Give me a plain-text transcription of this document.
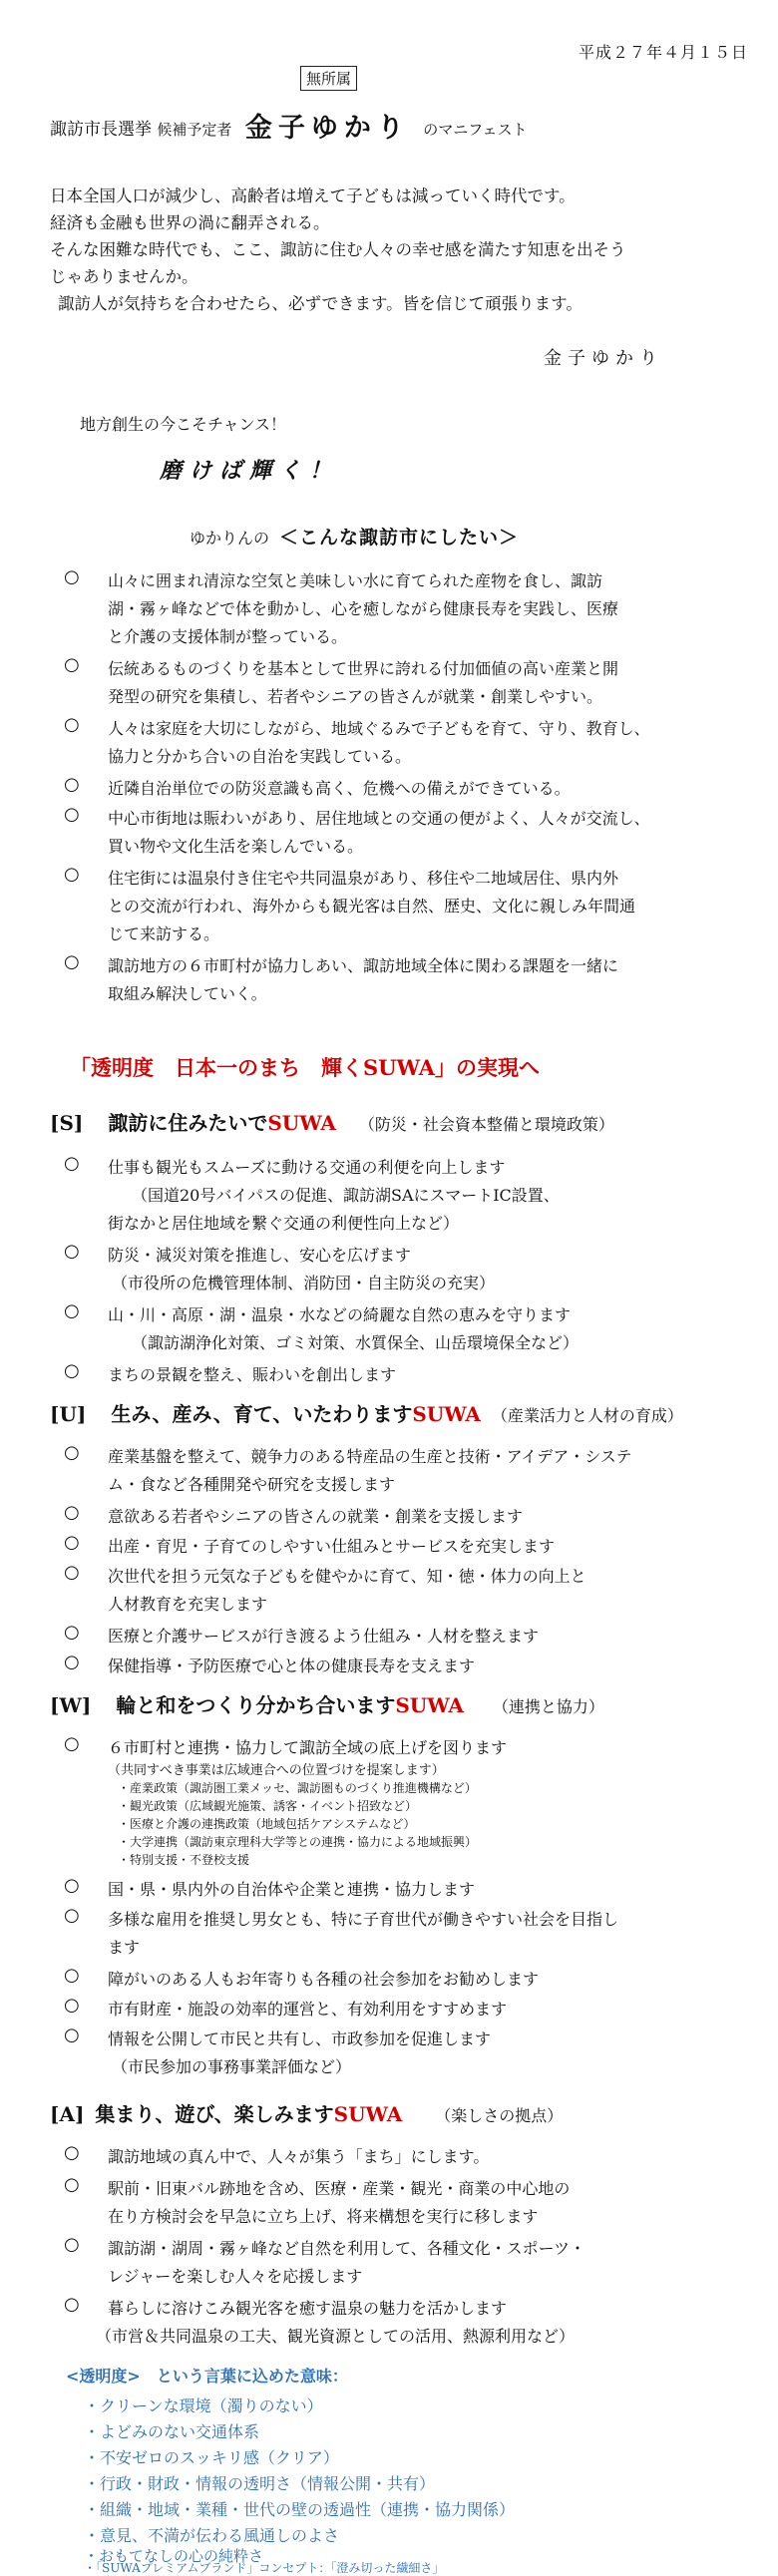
平成２７年４月１５日
無所属
諏訪市長選挙 候補予定者 金子ゆかり のマニフェスト
日本全国人口が減少し、高齢者は増えて子どもは減っていく時代です。
経済も金融も世界の渦に翻弄される。
そんな困難な時代でも、ここ、諏訪に住む人々の幸せ感を満たす知恵を出そう
じゃありませんか。
諏訪人が気持ちを合わせたら、必ずできます。皆を信じて頑張ります。
金子ゆかり
地方創生の今こそチャンス！
磨けば輝く！
ゆかりんの ＜こんな諏訪市にしたい＞
○ 山々に囲まれ清涼な空気と美味しい水に育てられた産物を食し、諏訪
湖・霧ヶ峰などで体を動かし、心を癒しながら健康長寿を実践し、医療
と介護の支援体制が整っている。
○ 伝統あるものづくりを基本として世界に誇れる付加価値の高い産業と開
発型の研究を集積し、若者やシニアの皆さんが就業・創業しやすい。
○ 人々は家庭を大切にしながら、地域ぐるみで子どもを育て、守り、教育し、
協力と分かち合いの自治を実践している。
○ 近隣自治単位での防災意識も高く、危機への備えができている。
○ 中心市街地は賑わいがあり、居住地域との交通の便がよく、人々が交流し、
買い物や文化生活を楽しんでいる。
○ 住宅街には温泉付き住宅や共同温泉があり、移住や二地域居住、県内外
との交流が行われ、海外からも観光客は自然、歴史、文化に親しみ年間通
じて来訪する。
○ 諏訪地方の６市町村が協力しあい、諏訪地域全体に関わる課題を一緒に
取組み解決していく。
「透明度　日本一のまち　輝くSUWA」の実現へ
[S] 諏訪に住みたいでSUWA （防災・社会資本整備と環境政策）
○ 仕事も観光もスムーズに動ける交通の利便を向上します
（国道20号バイパスの促進、諏訪湖SAにスマートIC設置、
街なかと居住地域を繋ぐ交通の利便性向上など）
○ 防災・減災対策を推進し、安心を広げます
（市役所の危機管理体制、消防団・自主防災の充実）
○ 山・川・高原・湖・温泉・水などの綺麗な自然の恵みを守ります
（諏訪湖浄化対策、ゴミ対策、水質保全、山岳環境保全など）
○ まちの景観を整え、賑わいを創出します
[U] 生み、産み、育て、いたわりますSUWA （産業活力と人材の育成）
○ 産業基盤を整えて、競争力のある特産品の生産と技術・アイデア・システ
ム・食など各種開発や研究を支援します
○ 意欲ある若者やシニアの皆さんの就業・創業を支援します
○ 出産・育児・子育てのしやすい仕組みとサービスを充実します
○ 次世代を担う元気な子どもを健やかに育て、知・徳・体力の向上と
人材教育を充実します
○ 医療と介護サービスが行き渡るよう仕組み・人材を整えます
○ 保健指導・予防医療で心と体の健康長寿を支えます
[W] 輪と和をつくり分かち合いますSUWA （連携と協力）
○ ６市町村と連携・協力して諏訪全域の底上げを図ります
（共同すべき事業は広域連合への位置づけを提案します）
・産業政策（諏訪圏工業メッセ、諏訪圏ものづくり推進機構など）
・観光政策（広域観光施策、誘客・イベント招致など）
・医療と介護の連携政策（地域包括ケアシステムなど）
・大学連携（諏訪東京理科大学等との連携・協力による地域振興）
・特別支援・不登校支援
○ 国・県・県内外の自治体や企業と連携・協力します
○ 多様な雇用を推奨し男女とも、特に子育世代が働きやすい社会を目指し
ます
○ 障がいのある人もお年寄りも各種の社会参加をお勧めします
○ 市有財産・施設の効率的運営と、有効利用をすすめます
○ 情報を公開して市民と共有し、市政参加を促進します
（市民参加の事務事業評価など）
[A] 集まり、遊び、楽しみますSUWA （楽しさの拠点）
○ 諏訪地域の真ん中で、人々が集う「まち」にします。
○ 駅前・旧東バル跡地を含め、医療・産業・観光・商業の中心地の
在り方検討会を早急に立ち上げ、将来構想を実行に移します
○ 諏訪湖・湖周・霧ヶ峰など自然を利用して、各種文化・スポーツ・
レジャーを楽しむ人々を応援します
○ 暮らしに溶けこみ観光客を癒す温泉の魅力を活かします
（市営＆共同温泉の工夫、観光資源としての活用、熱源利用など）
<透明度>　という言葉に込めた意味：
・クリーンな環境（濁りのない）
・よどみのない交通体系
・不安ゼロのスッキリ感（クリア）
・行政・財政・情報の透明さ（情報公開・共有）
・組織・地域・業種・世代の壁の透過性（連携・協力関係）
・意見、不満が伝わる風通しのよさ
・おもてなしの心の純粋さ
・「SUWAプレミアムブランド」コンセプト：「澄み切った繊細さ」
